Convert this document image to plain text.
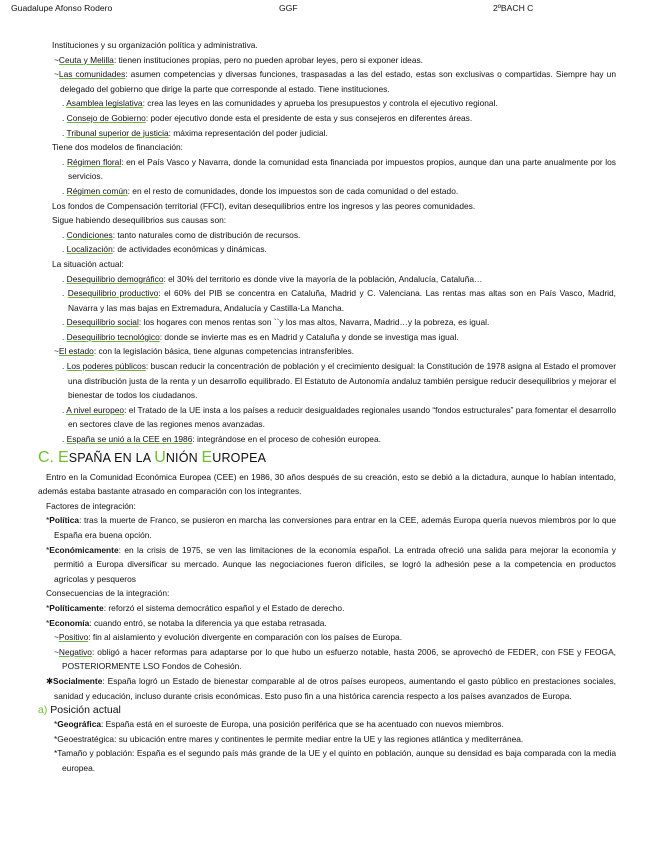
Guadalupe Afonso Rodero	GGF	2ºBACH C
Instituciones y su organización política y administrativa.
~Ceuta y Melilla: tienen instituciones propias, pero no pueden aprobar leyes, pero si exponer ideas.
~Las comunidades: asumen competencias y diversas funciones, traspasadas a las del estado, estas son exclusivas o compartidas. Siempre hay un delegado del gobierno que dirige la parte que corresponde al estado. Tiene instituciones.
. Asamblea legislativa: crea las leyes en las comunidades y aprueba los presupuestos y controla el ejecutivo regional.
. Consejo de Gobierno: poder ejecutivo donde esta el presidente de esta y sus consejeros en diferentes áreas.
. Tribunal superior de justicia: máxima representación del poder judicial.
Tiene dos modelos de financiación:
. Régimen floral: en el País Vasco y Navarra, donde la comunidad esta financiada por impuestos propios, aunque dan una parte anualmente por los servicios.
. Régimen común: en el resto de comunidades, donde los impuestos son de cada comunidad o del estado.
Los fondos de Compensación territorial (FFCI), evitan desequilibrios entre los ingresos y las peores comunidades.
Sigue habiendo desequilibrios sus causas son:
. Condiciones: tanto naturales como de distribución de recursos.
. Localización: de actividades económicas y dinámicas.
La situación actual:
. Desequilibrio demográfico: el 30% del territorio es donde vive la mayoría de la población, Andalucía, Cataluña…
. Desequilibrio productivo: el 60% del PIB se concentra en Cataluña, Madrid y C. Valenciana. Las rentas mas altas son en País Vasco, Madrid, Navarra y las mas bajas en Extremadura, Andalucía y Castilla-La Mancha.
. Desequilibrio social: los hogares con menos rentas son ``y los mas altos, Navarra, Madrid…y la pobreza, es igual.
. Desequilibrio tecnológico: donde se invierte mas es en Madrid y Cataluña y donde se investiga mas igual.
~El estado: con la legislación básica, tiene algunas competencias intransferibles.
. Los poderes públicos: buscan reducir la concentración de población y el crecimiento desigual: la Constitución de 1978 asigna al Estado el promover una distribución justa de la renta y un desarrollo equilibrado. El Estatuto de Autonomía andaluz también persigue reducir desequilibrios y mejorar el bienestar de todos los ciudadanos.
. A nivel europeo: el Tratado de la UE insta a los países a reducir desigualdades regionales usando “fondos estructurales” para fomentar el desarrollo en sectores clave de las regiones menos avanzadas.
. España se unió a la CEE en 1986: integrándose en el proceso de cohesión europea.
C. ESPAÑA EN LA UNIÓN EUROPEA
Entro en la Comunidad Económica Europea (CEE) en 1986, 30 años después de su creación, esto se debió a la dictadura, aunque lo habían intentado, además estaba bastante atrasado en comparación con los integrantes.
Factores de integración:
*Política: tras la muerte de Franco, se pusieron en marcha las conversiones para entrar en la CEE, además Europa quería nuevos miembros por lo que España era buena opción.
*Económicamente: en la crisis de 1975, se ven las limitaciones de la economía español. La entrada ofreció una salida para mejorar la economía y permitió a Europa diversificar su mercado. Aunque las negociaciones fueron difíciles, se logró la adhesión pese a la competencia en productos agrícolas y pesqueros
Consecuencias de la integración:
*Políticamente: reforzó el sistema democrático español y el Estado de derecho.
*Economía: cuando entró, se notaba la diferencia ya que estaba retrasada.
~Positivo: fin al aislamiento y evolución divergente en comparación con los países de Europa.
~Negativo: obligó a hacer reformas para adaptarse por lo que hubo un esfuerzo notable, hasta 2006, se aprovechó de FEDER, con FSE y FEOGA, POSTERIORMENTE LSO Fondos de Cohesión.
✱Socialmente: España logró un Estado de bienestar comparable al de otros países europeos, aumentando el gasto público en prestaciones sociales, sanidad y educación, incluso durante crisis económicas. Esto puso fin a una histórica carencia respecto a los países avanzados de Europa.
a) Posición actual
*Geográfica: España está en el suroeste de Europa, una posición periférica que se ha acentuado con nuevos miembros.
*Geoestratégica: su ubicación entre mares y continentes le permite mediar entre la UE y las regiones atlántica y mediterránea.
*Tamaño y población: España es el segundo país más grande de la UE y el quinto en población, aunque su densidad es baja comparada con la media europea.
